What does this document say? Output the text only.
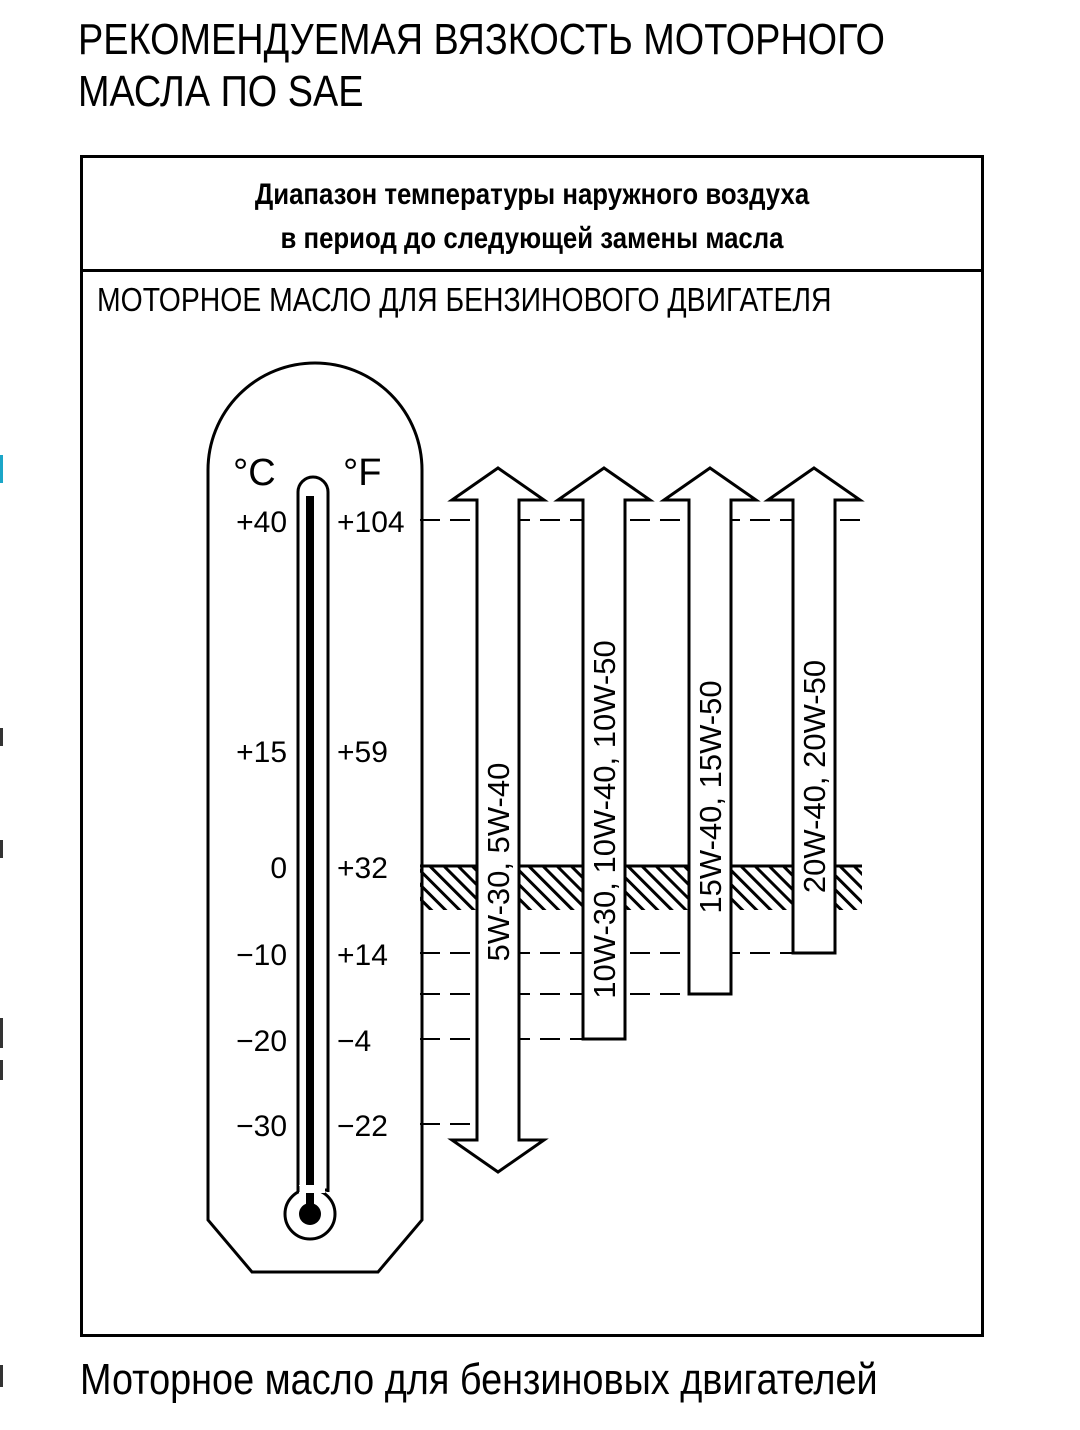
РЕКОМЕНДУЕМАЯ ВЯЗКОСТЬ МОТОРНОГО
МАСЛА ПО SAE
Диапазон температуры наружного воздуха
в период до следующей замены масла
МОТОРНОЕ МАСЛО ДЛЯ БЕНЗИНОВОГО ДВИГАТЕЛЯ
°C °F
+40 +104
+15 +59
0 +32
−10 +14
−20 −4
−30 −22
5W-30, 5W-40 10W-30, 10W-40, 10W-50 15W-40, 15W-50 20W-40, 20W-50
Моторное масло для бензиновых двигателей
